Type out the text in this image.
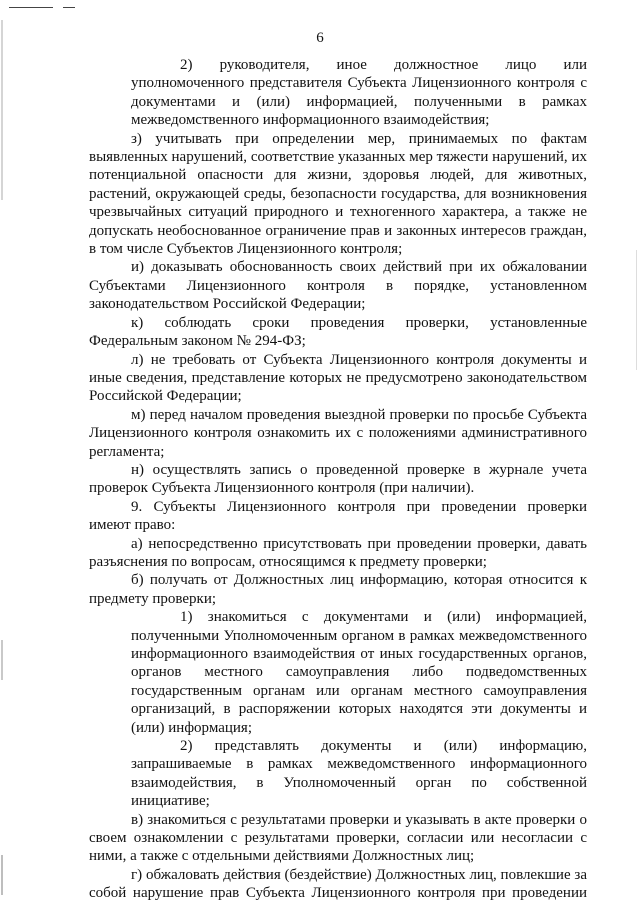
6

2) руководителя, иное должностное лицо или уполномоченного представителя Субъекта Лицензионного контроля с документами и (или) информацией, полученными в рамках межведомственного информационного взаимодействия;

з) учитывать при определении мер, принимаемых по фактам выявленных нарушений, соответствие указанных мер тяжести нарушений, их потенциальной опасности для жизни, здоровья людей, для животных, растений, окружающей среды, безопасности государства, для возникновения чрезвычайных ситуаций природного и техногенного характера, а также не допускать необоснованное ограничение прав и законных интересов граждан, в том числе Субъектов Лицензионного контроля;

и) доказывать обоснованность своих действий при их обжаловании Субъектами Лицензионного контроля в порядке, установленном законодательством Российской Федерации;

к) соблюдать сроки проведения проверки, установленные Федеральным законом № 294-ФЗ;

л) не требовать от Субъекта Лицензионного контроля документы и иные сведения, представление которых не предусмотрено законодательством Российской Федерации;

м) перед началом проведения выездной проверки по просьбе Субъекта Лицензионного контроля ознакомить их с положениями административного регламента;

н) осуществлять запись о проведенной проверке в журнале учета проверок Субъекта Лицензионного контроля (при наличии).

9. Субъекты Лицензионного контроля при проведении проверки имеют право:

а) непосредственно присутствовать при проведении проверки, давать разъяснения по вопросам, относящимся к предмету проверки;

б) получать от Должностных лиц информацию, которая относится к предмету проверки;

1) знакомиться с документами и (или) информацией, полученными Уполномоченным органом в рамках межведомственного информационного взаимодействия от иных государственных органов, органов местного самоуправления либо подведомственных государственным органам или органам местного самоуправления организаций, в распоряжении которых находятся эти документы и (или) информация;

2) представлять документы и (или) информацию, запрашиваемые в рамках межведомственного информационного взаимодействия, в Уполномоченный орган по собственной инициативе;

в) знакомиться с результатами проверки и указывать в акте проверки о своем ознакомлении с результатами проверки, согласии или несогласии с ними, а также с отдельными действиями Должностных лиц;

г) обжаловать действия (бездействие) Должностных лиц, повлекшие за собой нарушение прав Субъекта Лицензионного контроля при проведении
